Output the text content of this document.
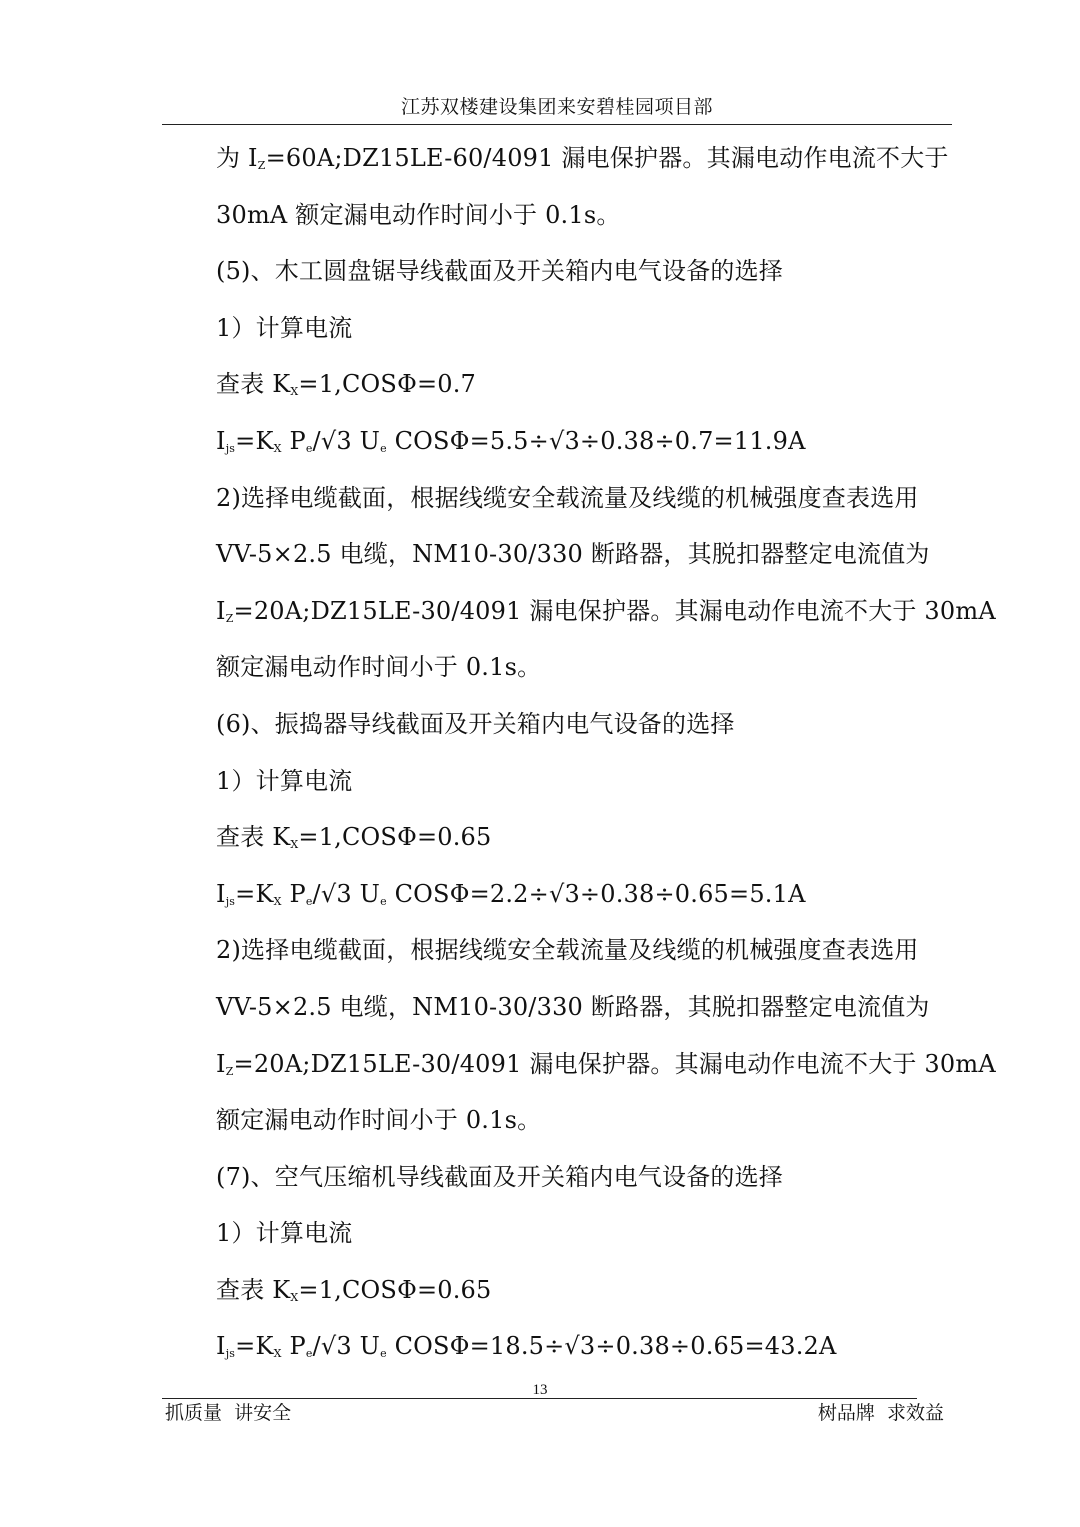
江苏双楼建设集团来安碧桂园项目部
为 $I_Z=60A;DZ15LE-60/4091$ 漏电保护器。其漏电动作电流不大于
30mA 额定漏电动作时间小于 0.1s。
(5)、木工圆盘锯导线截面及开关箱内电气设备的选择
1）计算电流
查表 $K_X=1,COS\Phi=0.7$
$I_{js}=K_X$ $P_e/√3$ $U_e$ COSΦ=5.5÷√3÷0.38÷0.7=11.9A
2)选择电缆截面，根据线缆安全载流量及线缆的机械强度查表选用
VV-5×2.5 电缆，NM10-30/330 断路器，其脱扣器整定电流值为
$I_Z=20A;DZ15LE-30/4091$ 漏电保护器。其漏电动作电流不大于 30mA
额定漏电动作时间小于 0.1s。
(6)、振捣器导线截面及开关箱内电气设备的选择
1）计算电流
查表 $K_X=1,COS\Phi=0.65$
$I_{js}=K_X$ $P_e/√3$ $U_e$ COSΦ=2.2÷√3÷0.38÷0.65=5.1A
2)选择电缆截面，根据线缆安全载流量及线缆的机械强度查表选用
VV-5×2.5 电缆，NM10-30/330 断路器，其脱扣器整定电流值为
$I_Z=20A;DZ15LE-30/4091$ 漏电保护器。其漏电动作电流不大于 30mA
额定漏电动作时间小于 0.1s。
(7)、空气压缩机导线截面及开关箱内电气设备的选择
1）计算电流
查表 $K_X=1,COS\Phi=0.65$
$I_{js}=K_X$ $P_e/√3$ $U_e$ COSΦ=18.5÷√3÷0.38÷0.65=43.2A
13
抓质量  讲安全	树品牌  求效益
